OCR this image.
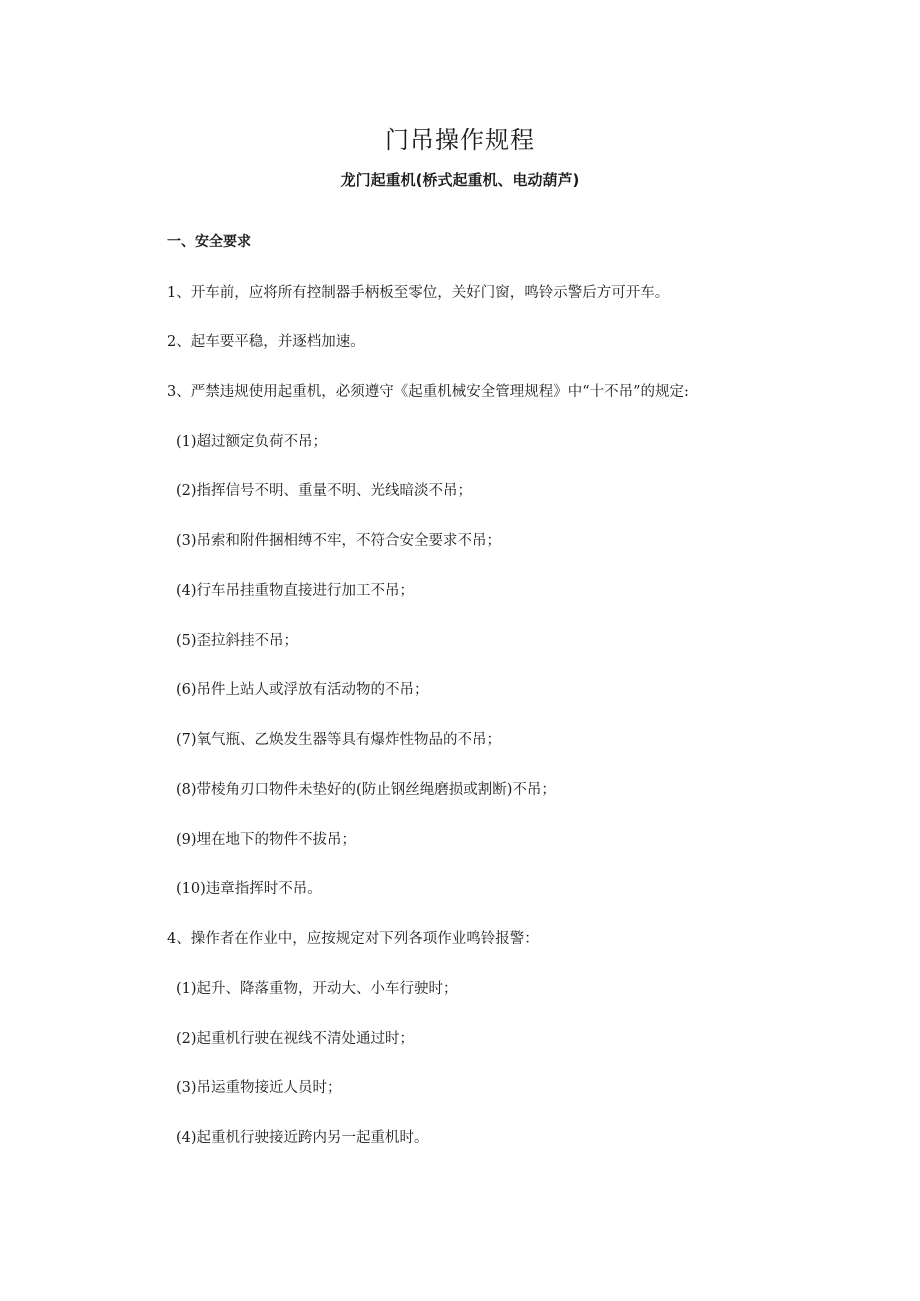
门吊操作规程
龙门起重机(桥式起重机、电动葫芦)
一、安全要求

1、开车前，应将所有控制器手柄板至零位，关好门窗，鸣铃示警后方可开车。

2、起车要平稳，并逐档加速。

3、严禁违规使用起重机，必须遵守《起重机械安全管理规程》中“十不吊”的规定:

(1)超过额定负荷不吊；

(2)指挥信号不明、重量不明、光线暗淡不吊；

(3)吊索和附件捆相缚不牢，不符合安全要求不吊；

(4)行车吊挂重物直接进行加工不吊；

(5)歪拉斜挂不吊；

(6)吊件上站人或浮放有活动物的不吊；

(7)氧气瓶、乙焕发生器等具有爆炸性物品的不吊；

(8)带棱角刃口物件未垫好的(防止钢丝绳磨损或割断)不吊；

(9)埋在地下的物件不拔吊；

(10)违章指挥时不吊。

4、操作者在作业中，应按规定对下列各项作业鸣铃报警：

(1)起升、降落重物，开动大、小车行驶时；

(2)起重机行驶在视线不清处通过时；

(3)吊运重物接近人员时；

(4)起重机行驶接近跨内另一起重机时。
